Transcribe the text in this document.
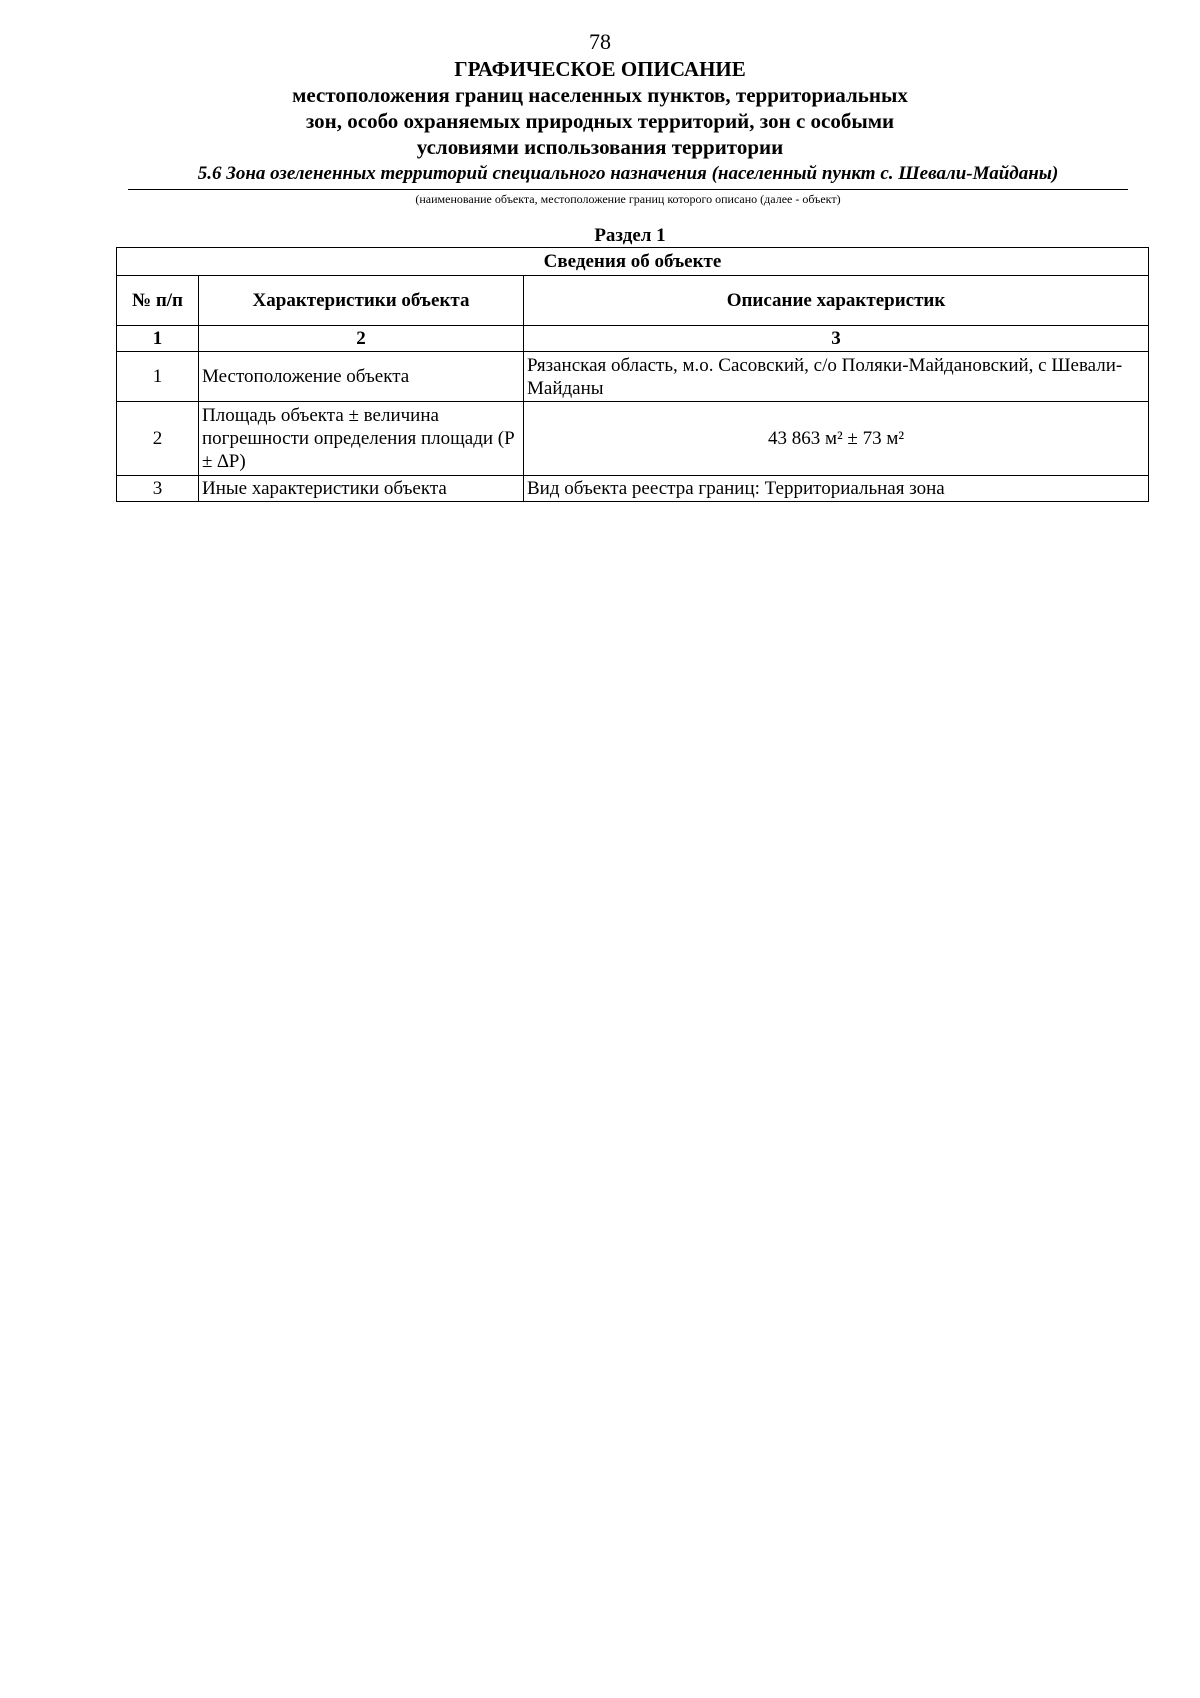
78
ГРАФИЧЕСКОЕ ОПИСАНИЕ
местоположения границ населенных пунктов, территориальных
зон, особо охраняемых природных территорий, зон с особыми
условиями использования территории
5.6 Зона озелененных территорий специального назначения (населенный пункт с. Шевали-Майданы)
(наименование объекта, местоположение границ которого описано (далее - объект)
Раздел 1
Сведения об объекте		
№ п/п	Характеристики объекта	Описание характеристик
1	2	3
1	Местоположение объекта	Рязанская область, м.о. Сасовский, с/о Поляки-Майдановский, с Шевали-Майданы
2	Площадь объекта ± величина погрешности определения площади (P ± ∆P)	43 863 м² ± 73 м²
3	Иные характеристики объекта	Вид объекта реестра границ: Территориальная зона
